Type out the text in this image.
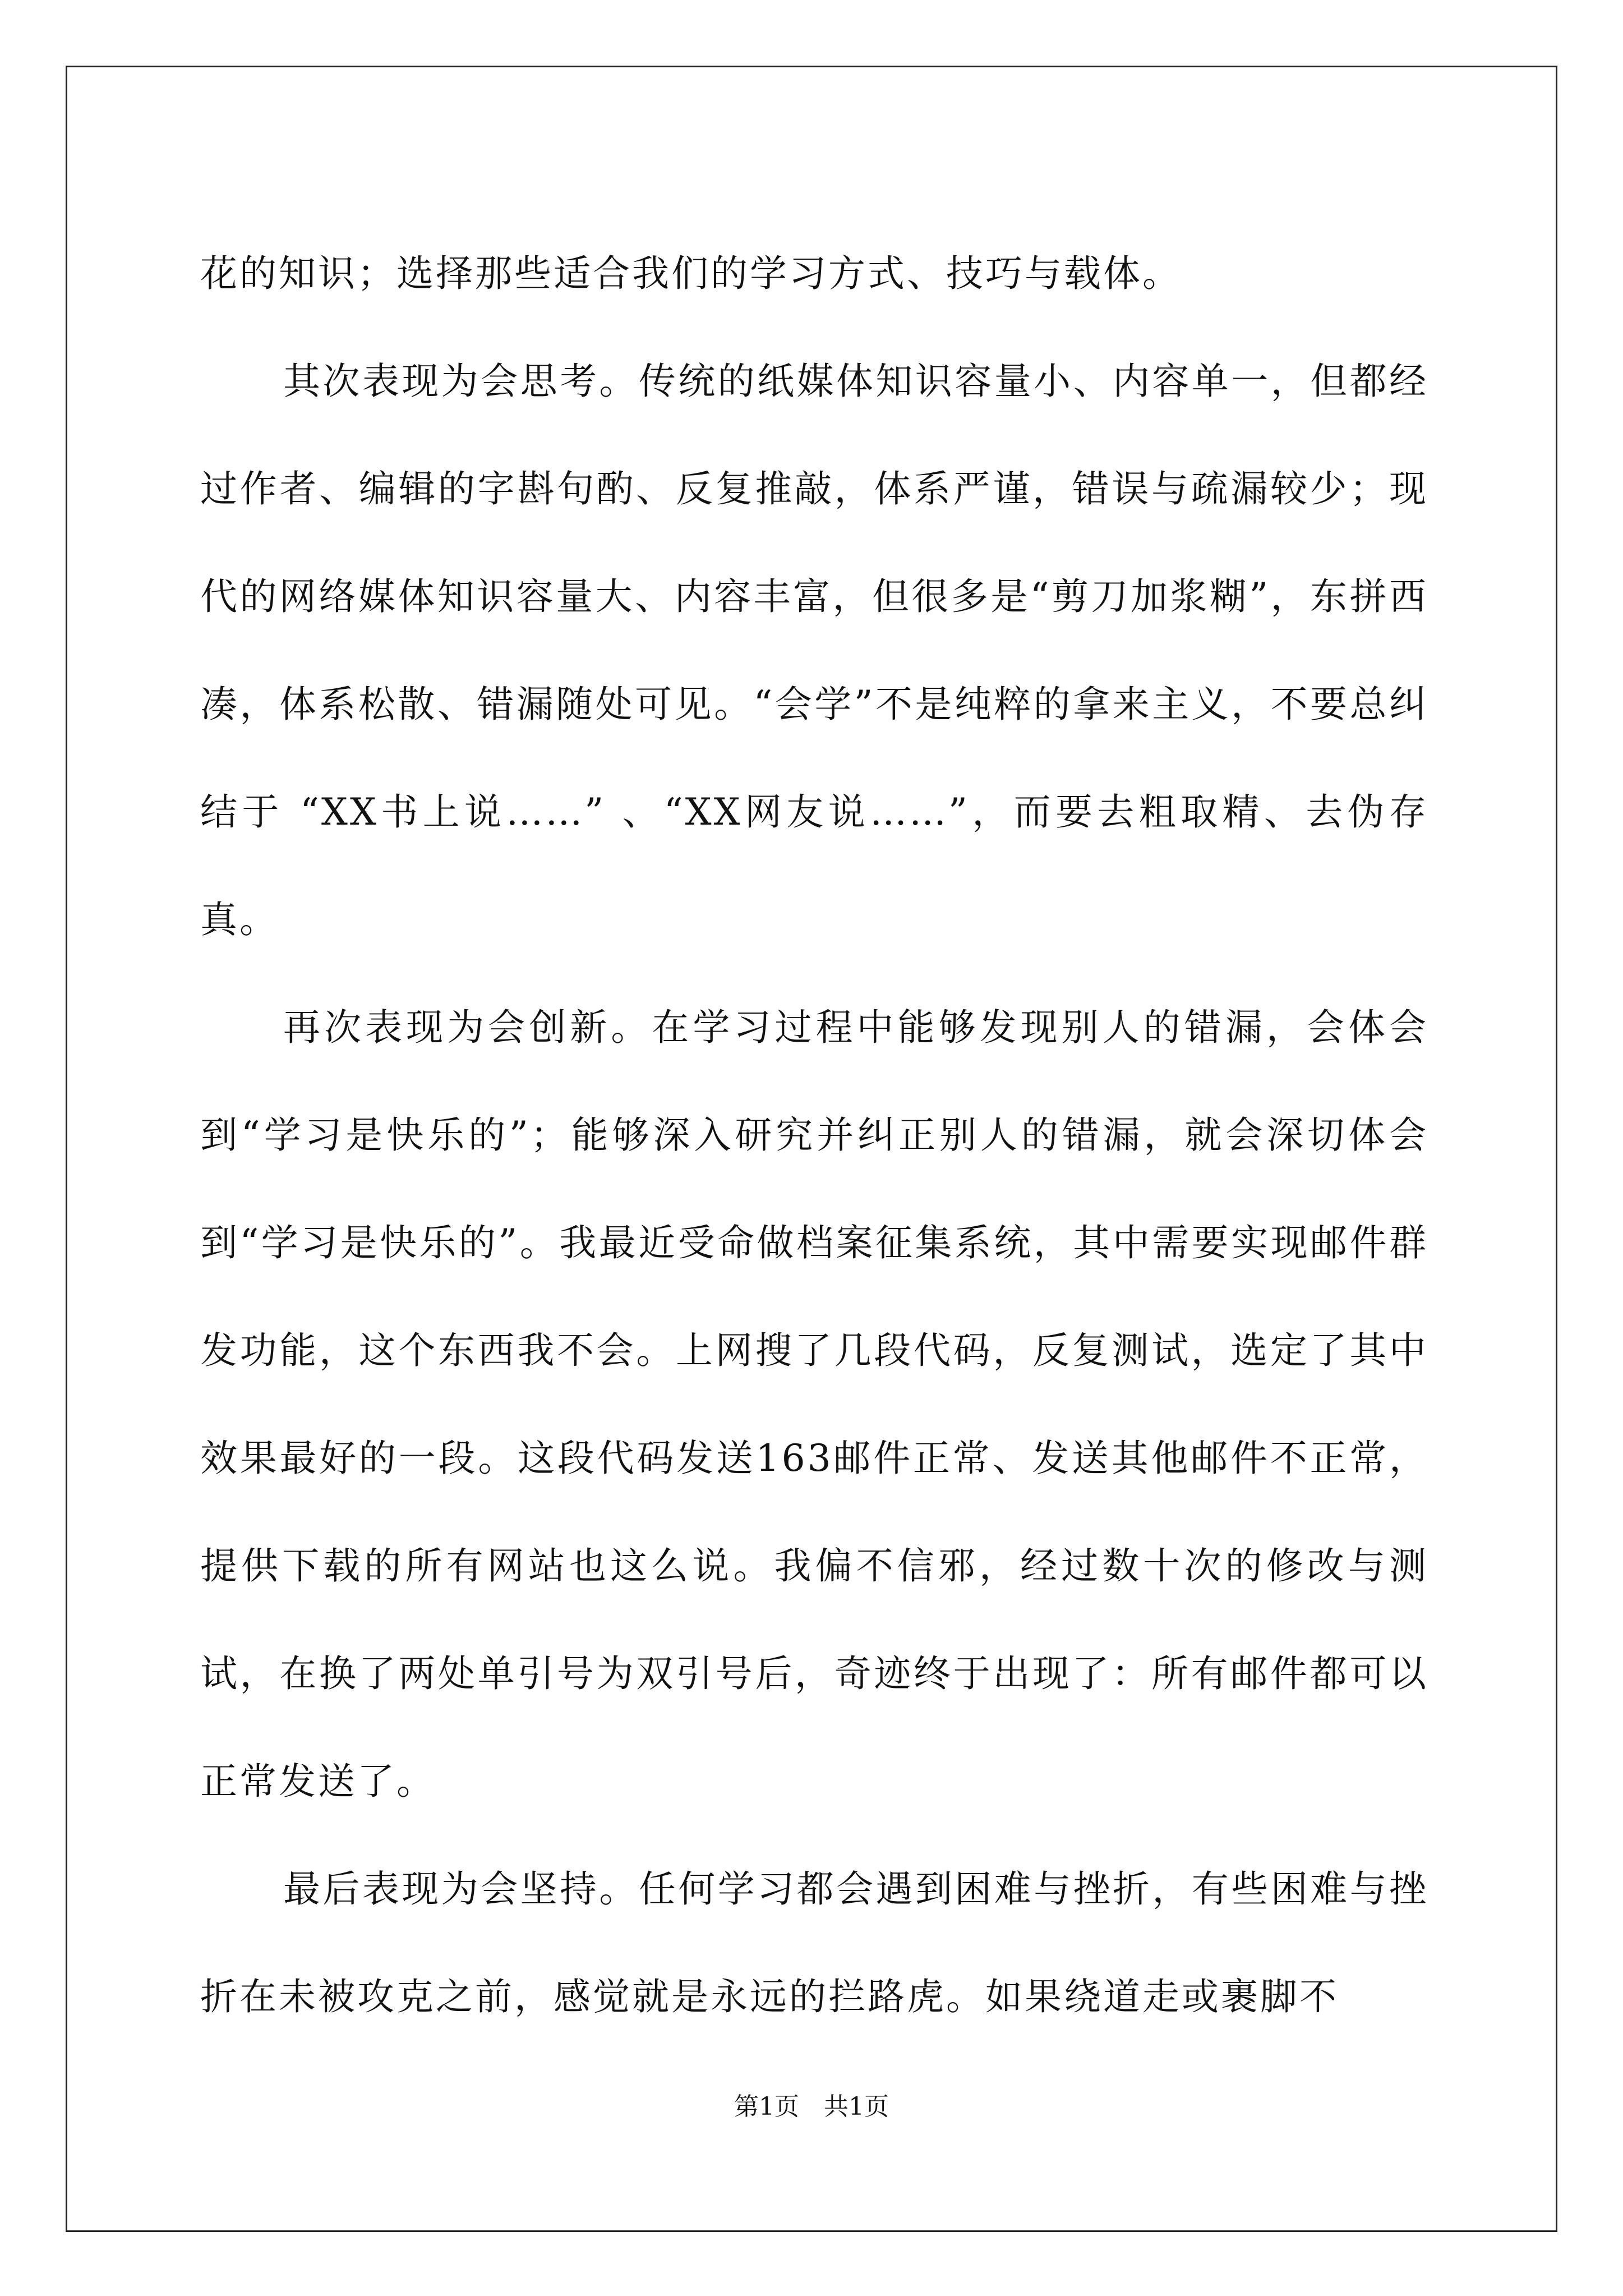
花的知识；选择那些适合我们的学习方式、技巧与载体。

其次表现为会思考。传统的纸媒体知识容量小、内容单一，但都经过作者、编辑的字斟句酌、反复推敲，体系严谨，错误与疏漏较少；现代的网络媒体知识容量大、内容丰富，但很多是“剪刀加浆糊”，东拼西凑，体系松散、错漏随处可见。“会学”不是纯粹的拿来主义，不要总纠结于 “XX书上说……” 、“XX网友说……”，而要去粗取精、去伪存真。

再次表现为会创新。在学习过程中能够发现别人的错漏，会体会到“学习是快乐的”；能够深入研究并纠正别人的错漏，就会深切体会到“学习是快乐的”。我最近受命做档案征集系统，其中需要实现邮件群发功能，这个东西我不会。上网搜了几段代码，反复测试，选定了其中效果最好的一段。这段代码发送163邮件正常、发送其他邮件不正常，提供下载的所有网站也这么说。我偏不信邪，经过数十次的修改与测试，在换了两处单引号为双引号后，奇迹终于出现了：所有邮件都可以正常发送了。

最后表现为会坚持。任何学习都会遇到困难与挫折，有些困难与挫折在未被攻克之前，感觉就是永远的拦路虎。如果绕道走或裹脚不

第1页　共1页
